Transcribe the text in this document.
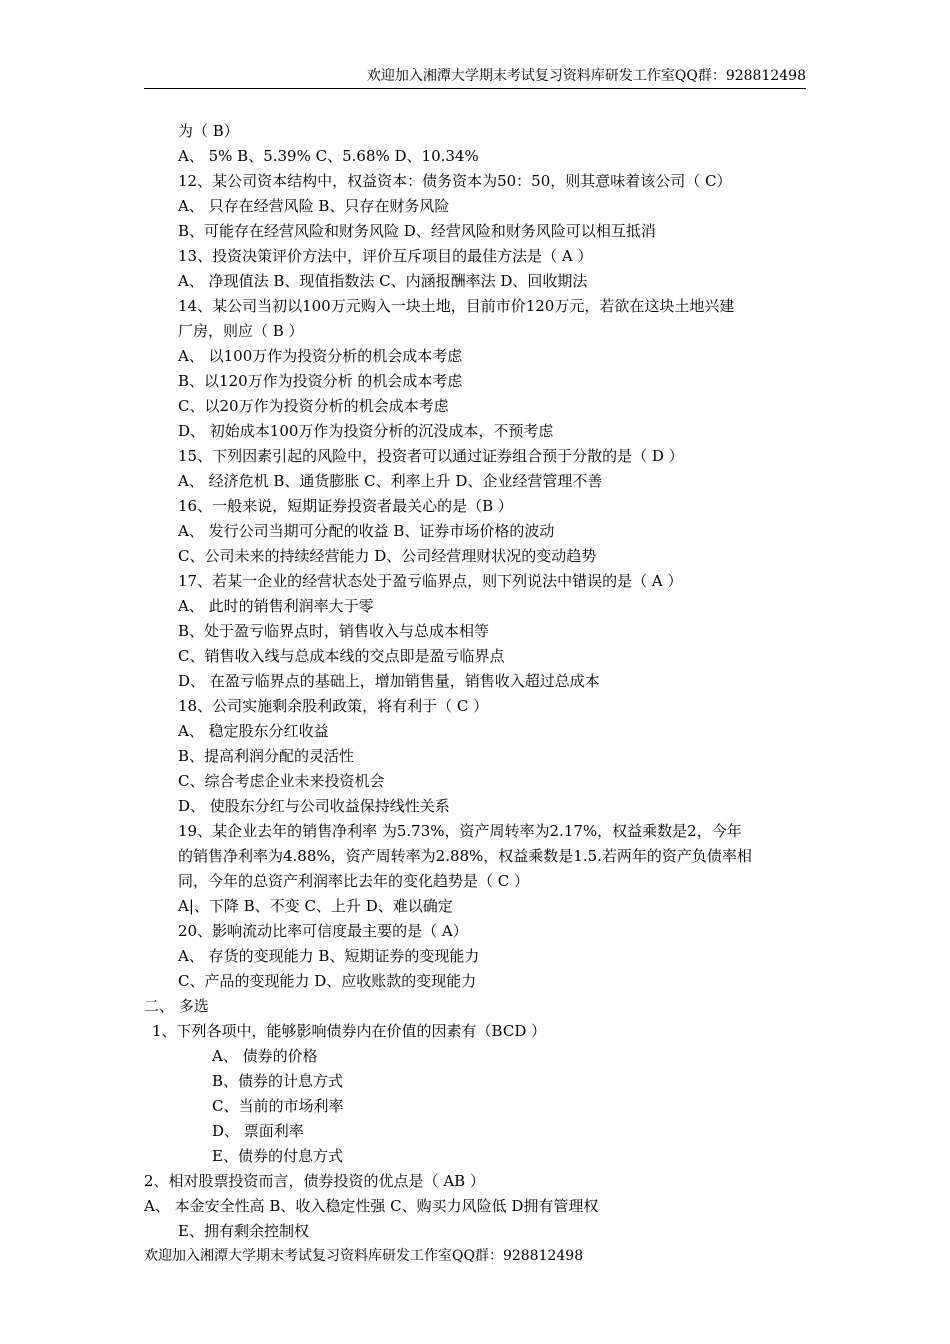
欢迎加入湘潭大学期末考试复习资料库研发工作室QQ群：928812498
为（ B）
A、 5% B、5.39% C、5.68% D、10.34%
12、某公司资本结构中，权益资本：债务资本为50：50，则其意味着该公司（ C）
A、 只存在经营风险 B、只存在财务风险
B、可能存在经营风险和财务风险 D、经营风险和财务风险可以相互抵消
13、投资决策评价方法中，评价互斥项目的最佳方法是（ A ）
A、 净现值法 B、现值指数法 C、内涵报酬率法 D、回收期法
14、某公司当初以100万元购入一块土地，目前市价120万元，若欲在这块土地兴建
厂房，则应（ B ）
A、 以100万作为投资分析的机会成本考虑
B、以120万作为投资分析 的机会成本考虑
C、以20万作为投资分析的机会成本考虑
D、 初始成本100万作为投资分析的沉没成本，不预考虑
15、下列因素引起的风险中，投资者可以通过证券组合预于分散的是（ D ）
A、 经济危机 B、通货膨胀 C、利率上升 D、企业经营管理不善
16、一般来说，短期证券投资者最关心的是（B ）
A、 发行公司当期可分配的收益 B、证券市场价格的波动
C、公司未来的持续经营能力 D、公司经营理财状况的变动趋势
17、若某一企业的经营状态处于盈亏临界点，则下列说法中错误的是（ A ）
A、 此时的销售利润率大于零
B、处于盈亏临界点时，销售收入与总成本相等
C、销售收入线与总成本线的交点即是盈亏临界点
D、 在盈亏临界点的基础上，增加销售量，销售收入超过总成本
18、公司实施剩余股利政策，将有利于（ C ）
A、 稳定股东分红收益
B、提高利润分配的灵活性
C、综合考虑企业未来投资机会
D、 使股东分红与公司收益保持线性关系
19、某企业去年的销售净利率 为5.73%，资产周转率为2.17%，权益乘数是2，今年
的销售净利率为4.88%，资产周转率为2.88%，权益乘数是1.5.若两年的资产负债率相
同，今年的总资产利润率比去年的变化趋势是（ C ）
A|、下降 B、不变 C、上升 D、难以确定
20、影响流动比率可信度最主要的是（ A）
A、 存货的变现能力 B、短期证券的变现能力
C、产品的变现能力 D、应收账款的变现能力
二、 多选
1、下列各项中，能够影响债券内在价值的因素有（BCD ）
A、 债券的价格
B、债券的计息方式
C、当前的市场利率
D、 票面利率
E、债券的付息方式
2、相对股票投资而言，债券投资的优点是（ AB ）
A、 本金安全性高 B、收入稳定性强 C、购买力风险低 D拥有管理权
E、拥有剩余控制权
欢迎加入湘潭大学期末考试复习资料库研发工作室QQ群：928812498
